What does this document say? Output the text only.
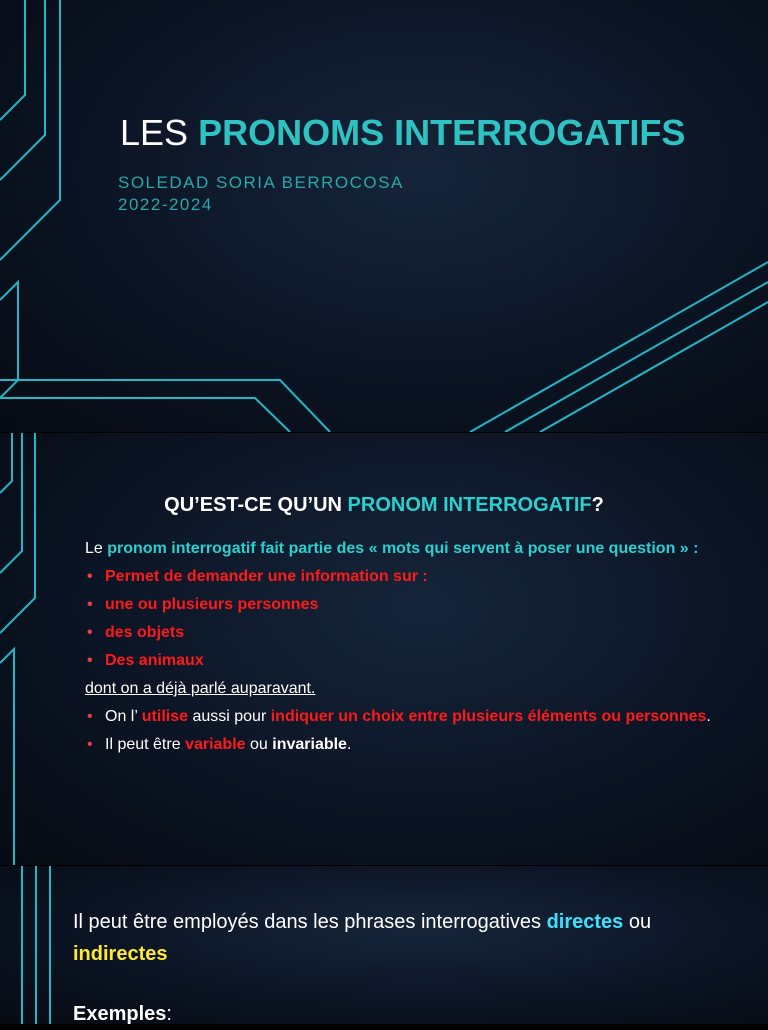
LES PRONOMS INTERROGATIFS
SOLEDAD SORIA BERROCOSA
2022-2024
QU’EST-CE QU’UN PRONOM INTERROGATIF?
Le pronom interrogatif fait partie des « mots qui servent à poser une question » :
• Permet de demander une information sur :
• une ou plusieurs personnes
• des objets
• Des animaux
dont on a déjà parlé auparavant.
• On l’ utilise aussi pour indiquer un choix entre plusieurs éléments ou personnes.
• Il peut être variable ou invariable.
Il peut être employés dans les phrases interrogatives directes ou indirectes
Exemples:
